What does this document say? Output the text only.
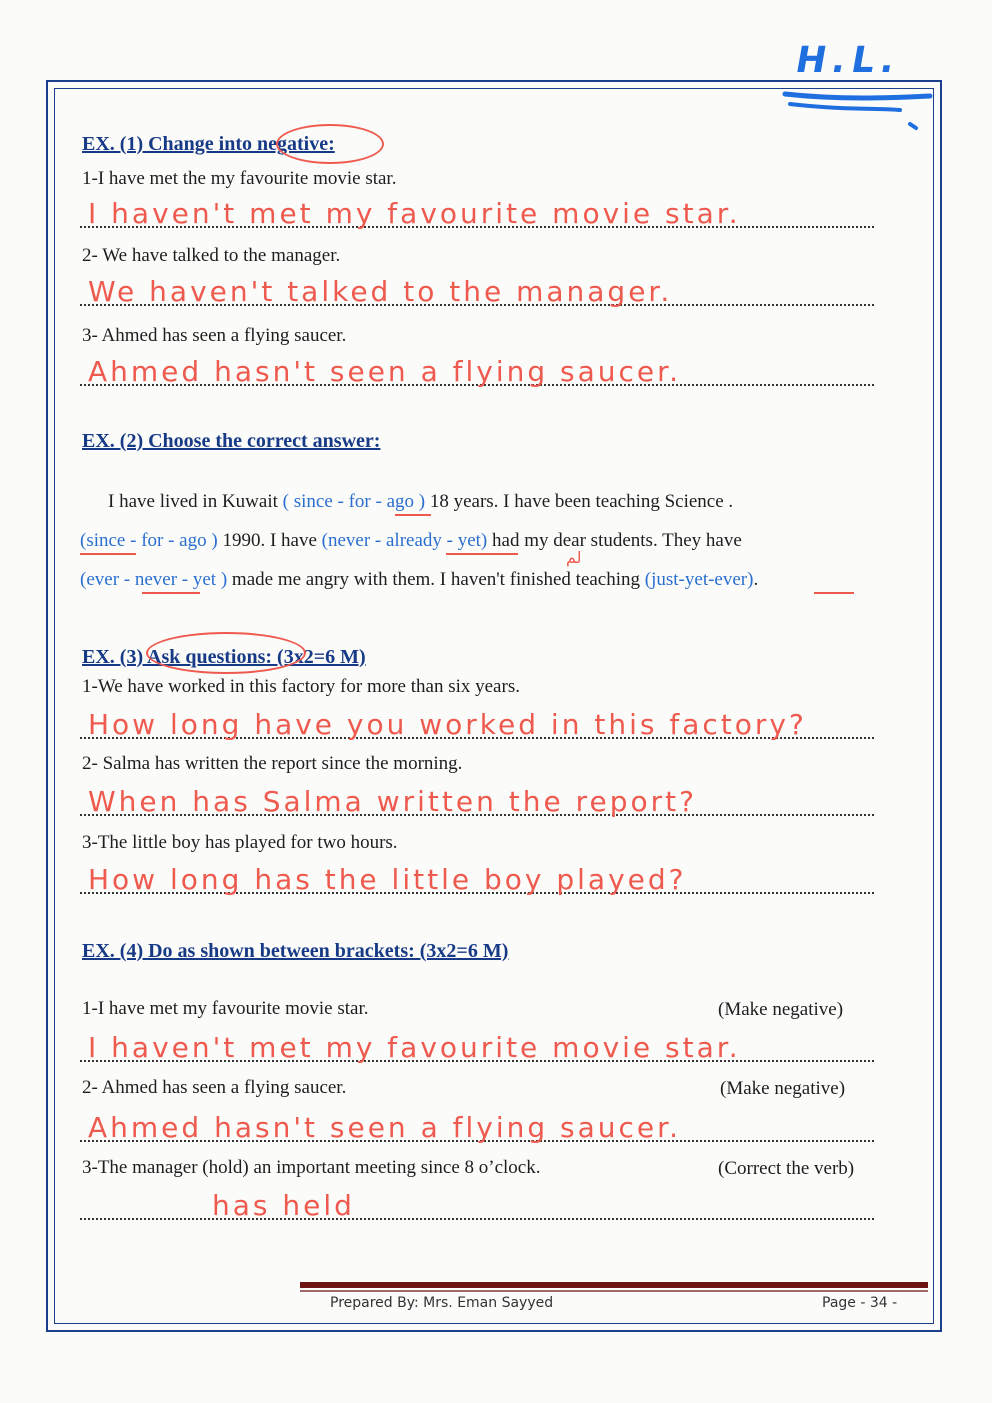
H.L.
EX. (1) Change into negative:
1-I have met the my favourite movie star.
I haven't met my favourite movie star.
2- We have talked to the manager.
We haven't talked to the manager.
3- Ahmed has seen a flying saucer.
Ahmed hasn't seen a flying saucer.
EX. (2) Choose the correct answer:
I have lived in Kuwait ( since - for - ago ) 18 years. I have been teaching Science .
(since - for - ago ) 1990. I have (never - already - yet) had my dear students. They have
(ever - never - yet ) made me angry with them. I haven't finished teaching (just-yet-ever).
لم
EX. (3) Ask questions: (3x2=6 M)
1-We have worked in this factory for more than six years.
How long have you worked in this factory?
2- Salma has written the report since the morning.
When has Salma written the report?
3-The little boy has played for two hours.
How long has the little boy played?
EX. (4) Do as shown between brackets: (3x2=6 M)
1-I have met my favourite movie star.	(Make negative)
I haven't met my favourite movie star.
2- Ahmed has seen a flying saucer.	(Make negative)
Ahmed hasn't seen a flying saucer.
3-The manager (hold) an important meeting since 8 o’clock.	(Correct the verb)
has held
Prepared By: Mrs. Eman Sayyed	Page - 34 -
